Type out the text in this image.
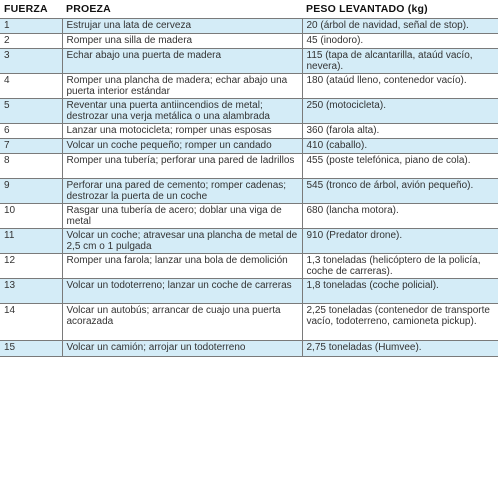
FUERZA	PROEZA	PESO LEVANTADO (kg)
1	Estrujar una lata de cerveza	20 (árbol de navidad, señal de stop).
2	Romper una silla de madera	45 (inodoro).
3	Echar abajo una puerta de madera	115 (tapa de alcantarilla, ataúd vacío, nevera).
4	Romper una plancha de madera; echar abajo una puerta interior estándar	180 (ataúd lleno, contenedor vacío).
5	Reventar una puerta antiincendios de metal; destrozar una verja metálica o una alambrada	250 (motocicleta).
6	Lanzar una motocicleta; romper unas esposas	360 (farola alta).
7	Volcar un coche pequeño; romper un candado	410 (caballo).
8	Romper una tubería; perforar una pared de ladrillos	455 (poste telefónica, piano de cola).
9	Perforar una pared de cemento; romper cadenas; destrozar la puerta de un coche	545 (tronco de árbol, avión pequeño).
10	Rasgar una tubería de acero; doblar una viga de metal	680 (lancha motora).
11	Volcar un coche; atravesar una plancha de metal de 2,5 cm o 1 pulgada	910 (Predator drone).
12	Romper una farola; lanzar una bola de demolición	1,3 toneladas (helicóptero de la policía, coche de carreras).
13	Volcar un todoterreno; lanzar un coche de carreras	1,8 toneladas (coche policial).
14	Volcar un autobús; arrancar de cuajo una puerta acorazada	2,25 toneladas (contenedor de transporte vacío, todoterreno, camioneta pickup).
15	Volcar un camión; arrojar un todoterreno	2,75 toneladas (Humvee).
